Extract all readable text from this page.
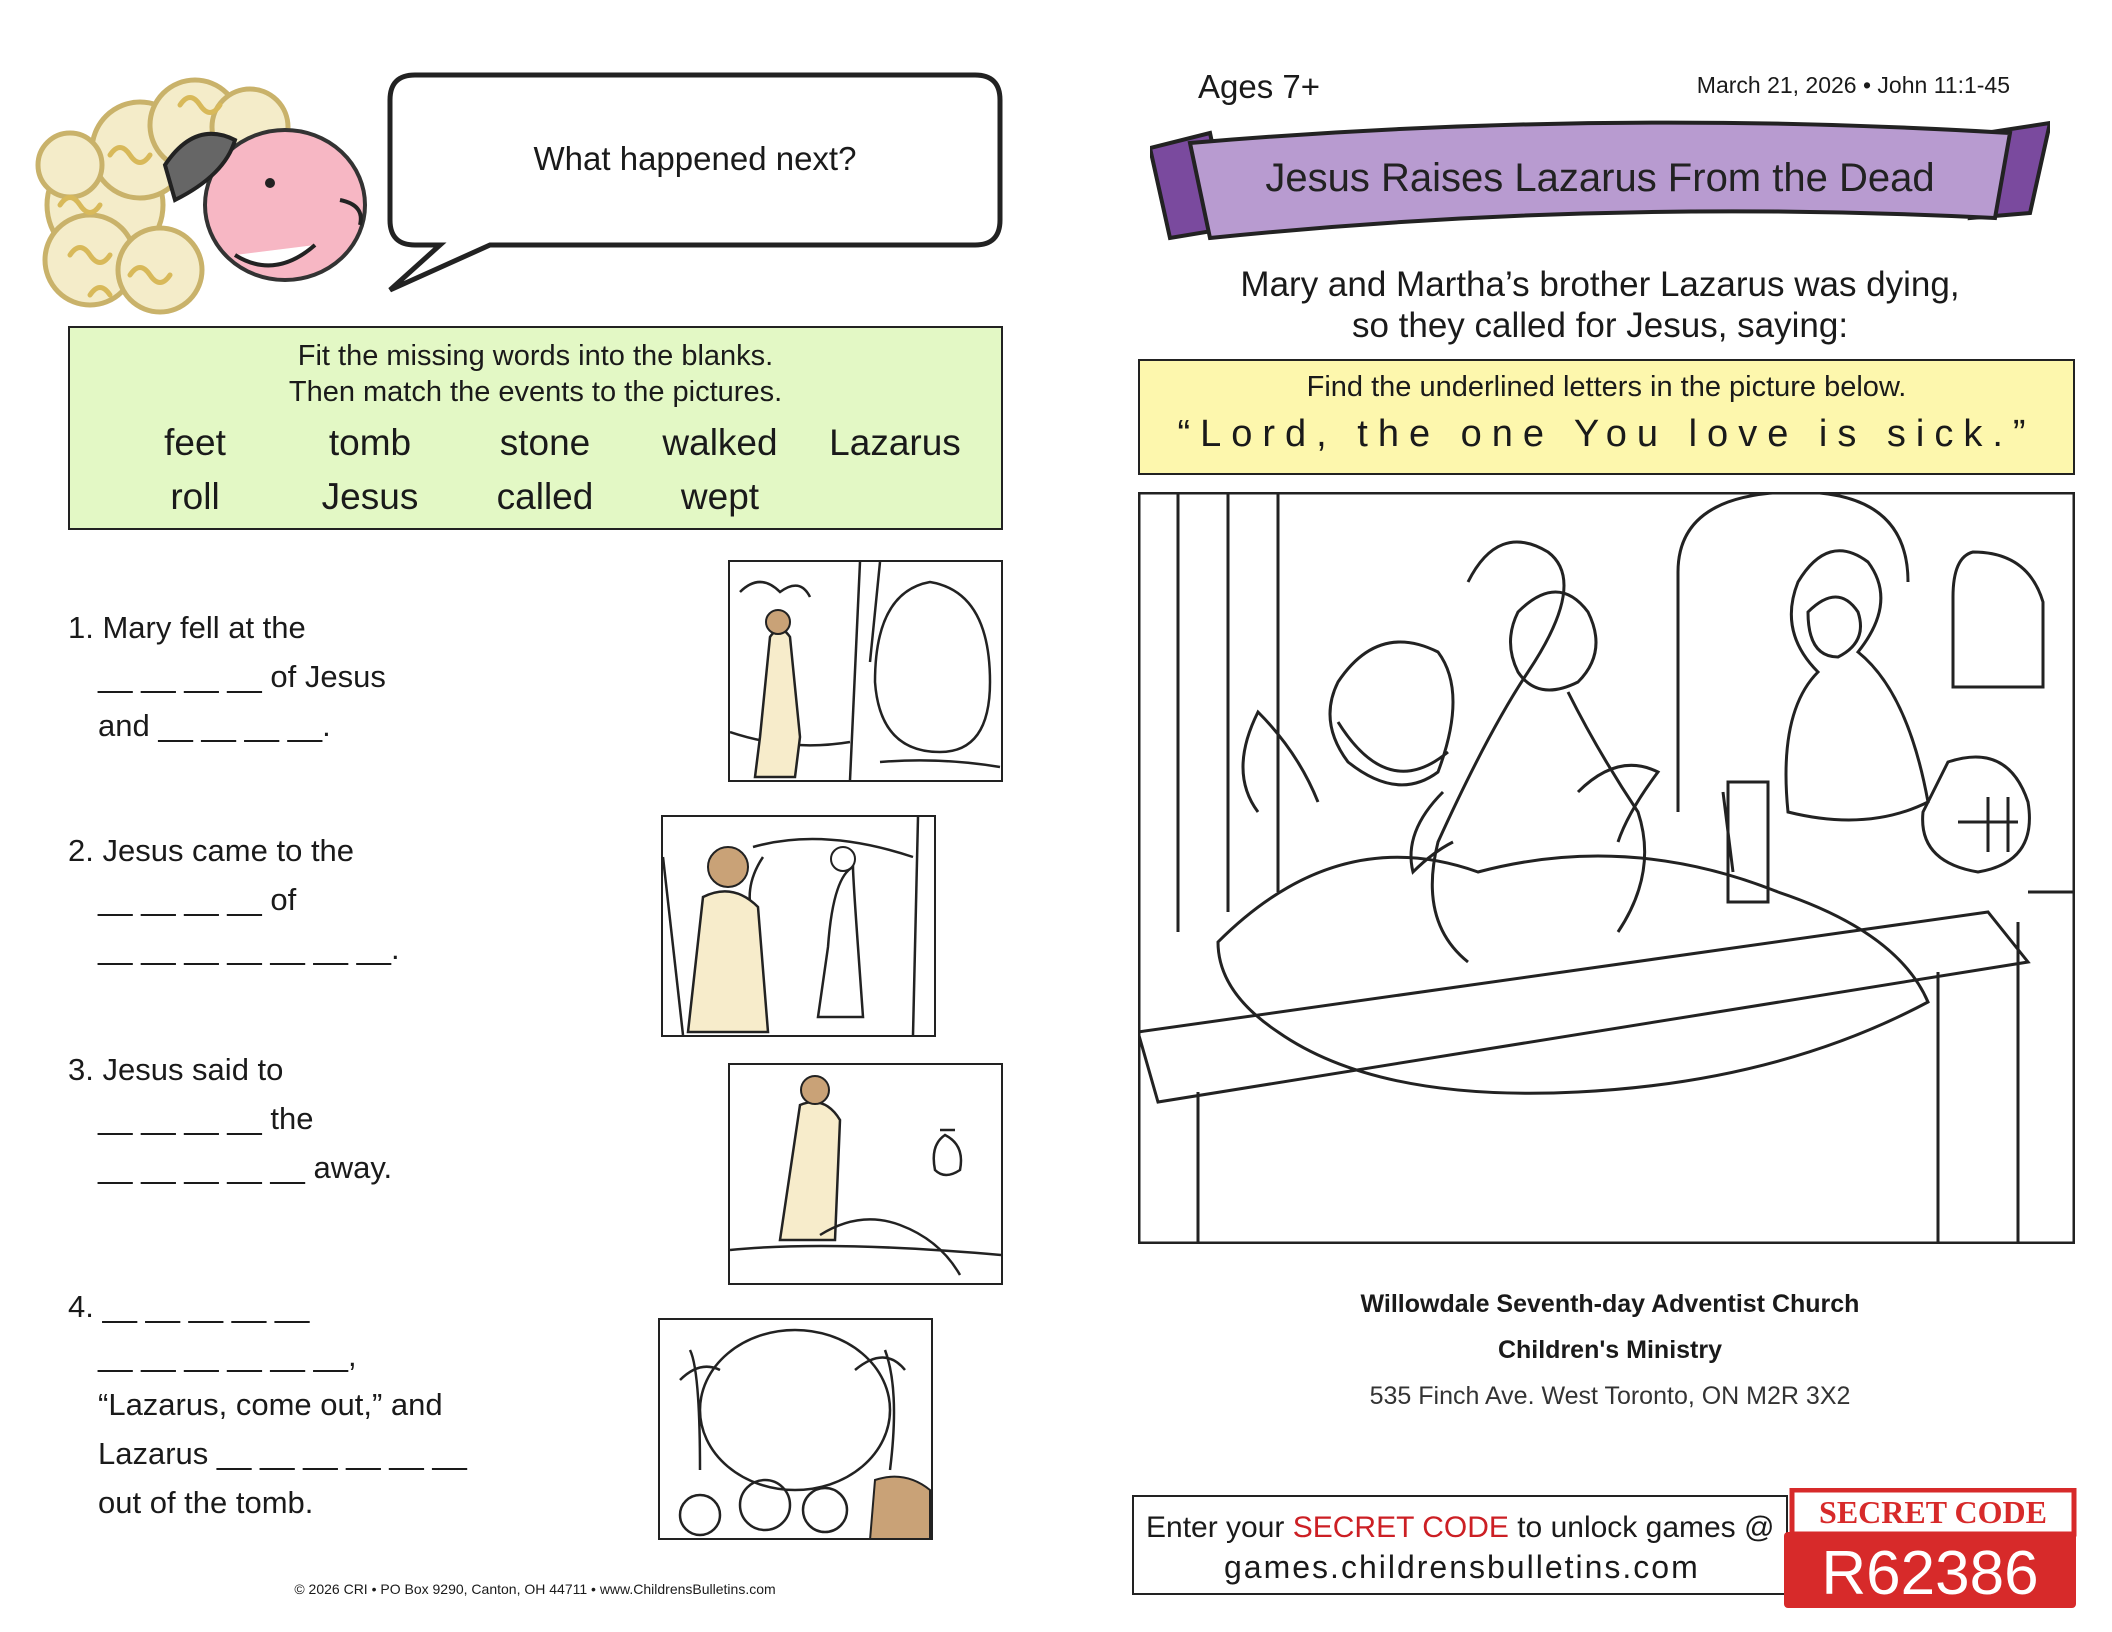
What happened next?
Fit the missing words into the blanks.
Then match the events to the pictures.
feet	tomb	stone	walked	Lazarus
roll	Jesus	called	wept
1. Mary fell at the
__ __ __ __ of Jesus
and __ __ __ __.
2. Jesus came to the
__ __ __ __ of
__ __ __ __ __ __ __.
3. Jesus said to
__ __ __ __ the
__ __ __ __ __ away.
4. __ __ __ __ __
__ __ __ __ __ __,
“Lazarus, come out,” and
Lazarus __ __ __ __ __ __
out of the tomb.
© 2026 CRI • PO Box 9290, Canton, OH 44711 • www.ChildrensBulletins.com
Ages 7+	March 21, 2026 • John 11:1-45
Jesus Raises Lazarus From the Dead
Mary and Martha’s brother Lazarus was dying,
so they called for Jesus, saying:
Find the underlined letters in the picture below.
“Lord, the one You love is sick.”
Willowdale Seventh-day Adventist Church
Children's Ministry
535 Finch Ave. West Toronto, ON M2R 3X2
Enter your SECRET CODE to unlock games @
games.childrensbulletins.com
SECRET CODE
R62386
